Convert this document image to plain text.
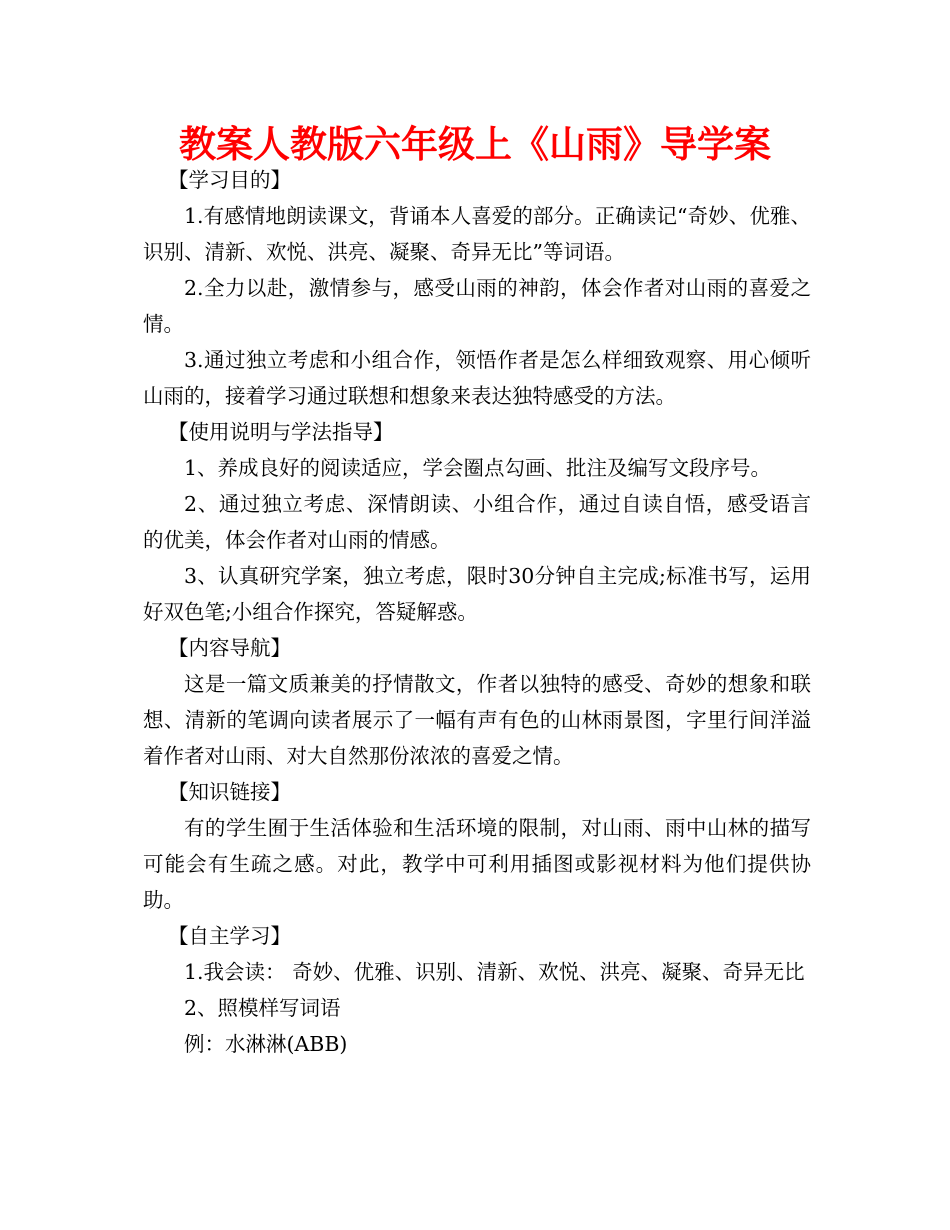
教案人教版六年级上《山雨》导学案

【学习目的】

1.有感情地朗读课文，背诵本人喜爱的部分。正确读记“奇妙、优雅、识别、清新、欢悦、洪亮、凝聚、奇异无比”等词语。

2.全力以赴，激情参与，感受山雨的神韵，体会作者对山雨的喜爱之情。

3.通过独立考虑和小组合作，领悟作者是怎么样细致观察、用心倾听山雨的，接着学习通过联想和想象来表达独特感受的方法。

【使用说明与学法指导】

1、养成良好的阅读适应，学会圈点勾画、批注及编写文段序号。

2、通过独立考虑、深情朗读、小组合作，通过自读自悟，感受语言的优美，体会作者对山雨的情感。

3、认真研究学案，独立考虑，限时30分钟自主完成;标准书写，运用好双色笔;小组合作探究，答疑解惑。

【内容导航】

这是一篇文质兼美的抒情散文，作者以独特的感受、奇妙的想象和联想、清新的笔调向读者展示了一幅有声有色的山林雨景图，字里行间洋溢着作者对山雨、对大自然那份浓浓的喜爱之情。

【知识链接】

有的学生囿于生活体验和生活环境的限制，对山雨、雨中山林的描写可能会有生疏之感。对此，教学中可利用插图或影视材料为他们提供协助。

【自主学习】

1.我会读： 奇妙、优雅、识别、清新、欢悦、洪亮、凝聚、奇异无比

2、照模样写词语

例：水淋淋(ABB)
